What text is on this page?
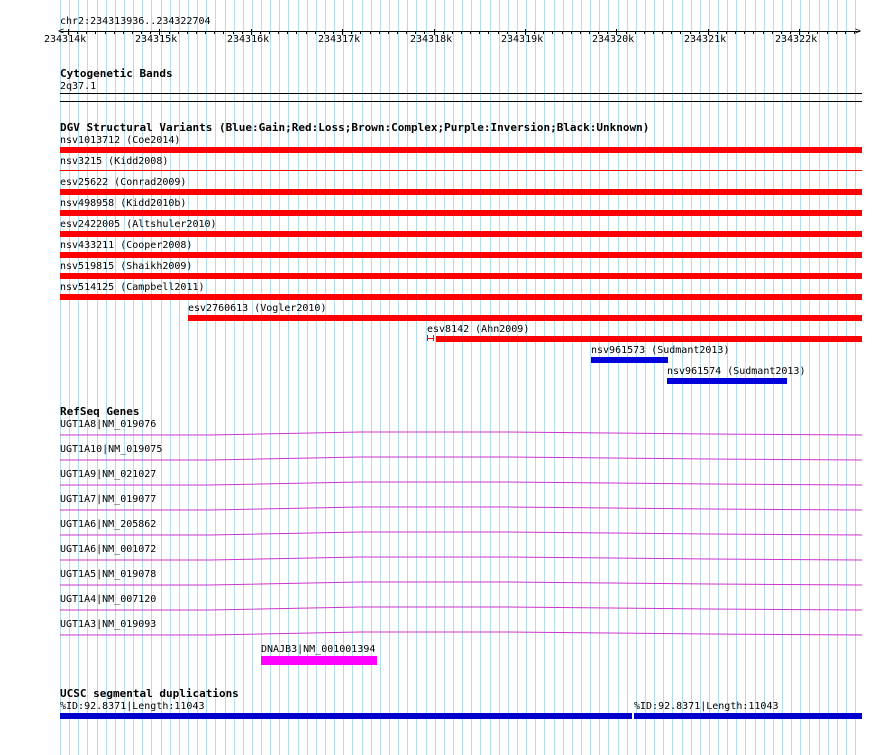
chr2:234313936..234322704
<	>
234314k	234315k	234316k	234317k	234318k	234319k	234320k	234321k	234322k
Cytogenetic Bands
2q37.1
DGV Structural Variants (Blue:Gain;Red:Loss;Brown:Complex;Purple:Inversion;Black:Unknown)
nsv1013712 (Coe2014)
nsv3215 (Kidd2008)
esv25622 (Conrad2009)
nsv498958 (Kidd2010b)
esv2422005 (Altshuler2010)
nsv433211 (Cooper2008)
nsv519815 (Shaikh2009)
nsv514125 (Campbell2011)
esv2760613 (Vogler2010)
esv8142 (Ahn2009)
nsv961573 (Sudmant2013)
nsv961574 (Sudmant2013)
RefSeq Genes
UGT1A8|NM_019076
UGT1A10|NM_019075
UGT1A9|NM_021027
UGT1A7|NM_019077
UGT1A6|NM_205862
UGT1A6|NM_001072
UGT1A5|NM_019078
UGT1A4|NM_007120
UGT1A3|NM_019093
DNAJB3|NM_001001394
UCSC segmental duplications
%ID:92.8371|Length:11043	%ID:92.8371|Length:11043
